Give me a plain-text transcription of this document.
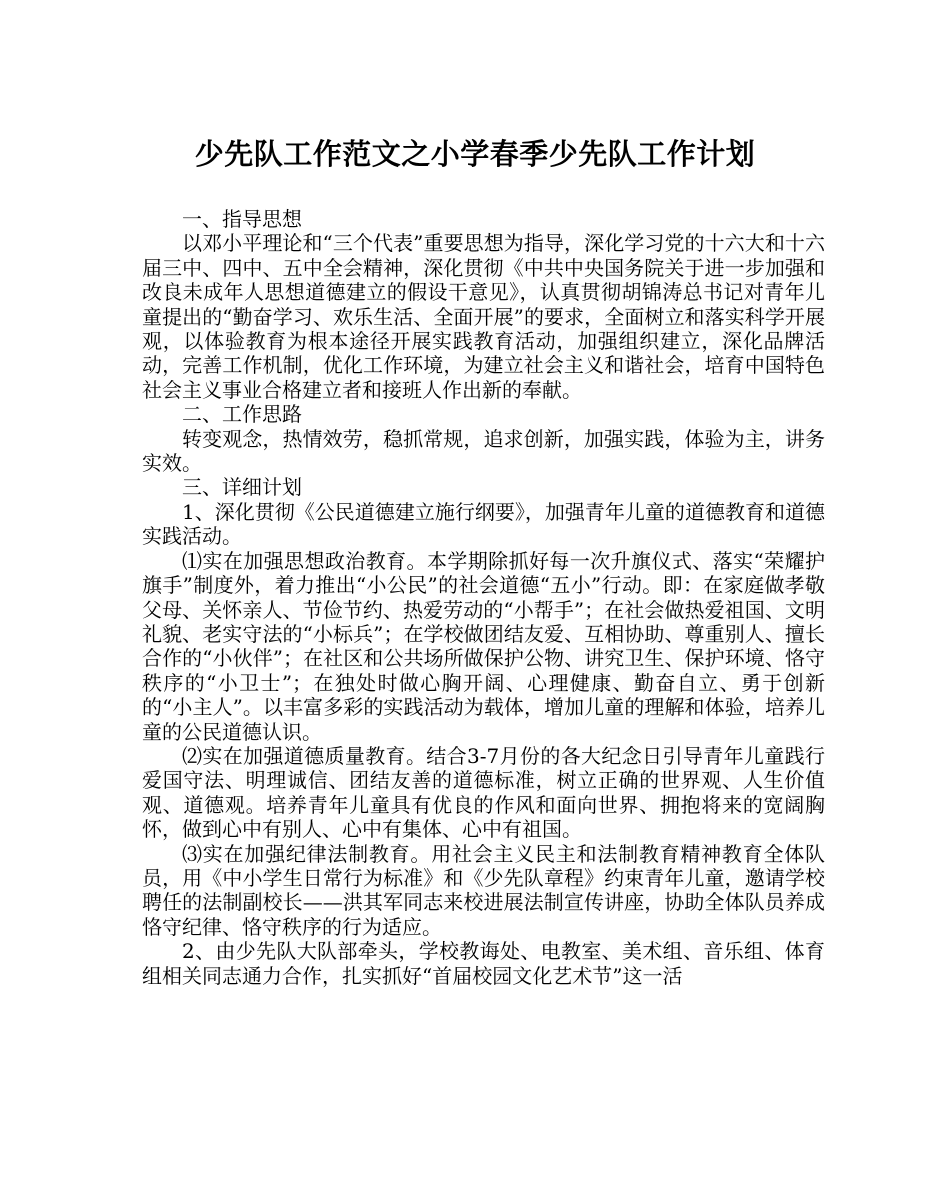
少先队工作范文之小学春季少先队工作计划

一、指导思想

以邓小平理论和“三个代表”重要思想为指导，深化学习党的十六大和十六届三中、四中、五中全会精神，深化贯彻《中共中央国务院关于进一步加强和改良未成年人思想道德建立的假设干意见》，认真贯彻胡锦涛总书记对青年儿童提出的“勤奋学习、欢乐生活、全面开展”的要求，全面树立和落实科学开展观，以体验教育为根本途径开展实践教育活动，加强组织建立，深化品牌活动，完善工作机制，优化工作环境，为建立社会主义和谐社会，培育中国特色社会主义事业合格建立者和接班人作出新的奉献。

二、工作思路

转变观念，热情效劳，稳抓常规，追求创新，加强实践，体验为主，讲务实效。

三、详细计划

1、深化贯彻《公民道德建立施行纲要》，加强青年儿童的道德教育和道德实践活动。

⑴实在加强思想政治教育。本学期除抓好每一次升旗仪式、落实“荣耀护旗手”制度外，着力推出“小公民”的社会道德“五小”行动。即：在家庭做孝敬父母、关怀亲人、节俭节约、热爱劳动的“小帮手”；在社会做热爱祖国、文明礼貌、老实守法的“小标兵”；在学校做团结友爱、互相协助、尊重别人、擅长合作的“小伙伴”；在社区和公共场所做保护公物、讲究卫生、保护环境、恪守秩序的“小卫士”；在独处时做心胸开阔、心理健康、勤奋自立、勇于创新的“小主人”。以丰富多彩的实践活动为载体，增加儿童的理解和体验，培养儿童的公民道德认识。

⑵实在加强道德质量教育。结合3-7月份的各大纪念日引导青年儿童践行爱国守法、明理诚信、团结友善的道德标准，树立正确的世界观、人生价值观、道德观。培养青年儿童具有优良的作风和面向世界、拥抱将来的宽阔胸怀，做到心中有别人、心中有集体、心中有祖国。

⑶实在加强纪律法制教育。用社会主义民主和法制教育精神教育全体队员，用《中小学生日常行为标准》和《少先队章程》约束青年儿童，邀请学校聘任的法制副校长——洪其军同志来校进展法制宣传讲座，协助全体队员养成恪守纪律、恪守秩序的行为适应。

2、由少先队大队部牵头，学校教诲处、电教室、美术组、音乐组、体育组相关同志通力合作，扎实抓好“首届校园文化艺术节”这一活
